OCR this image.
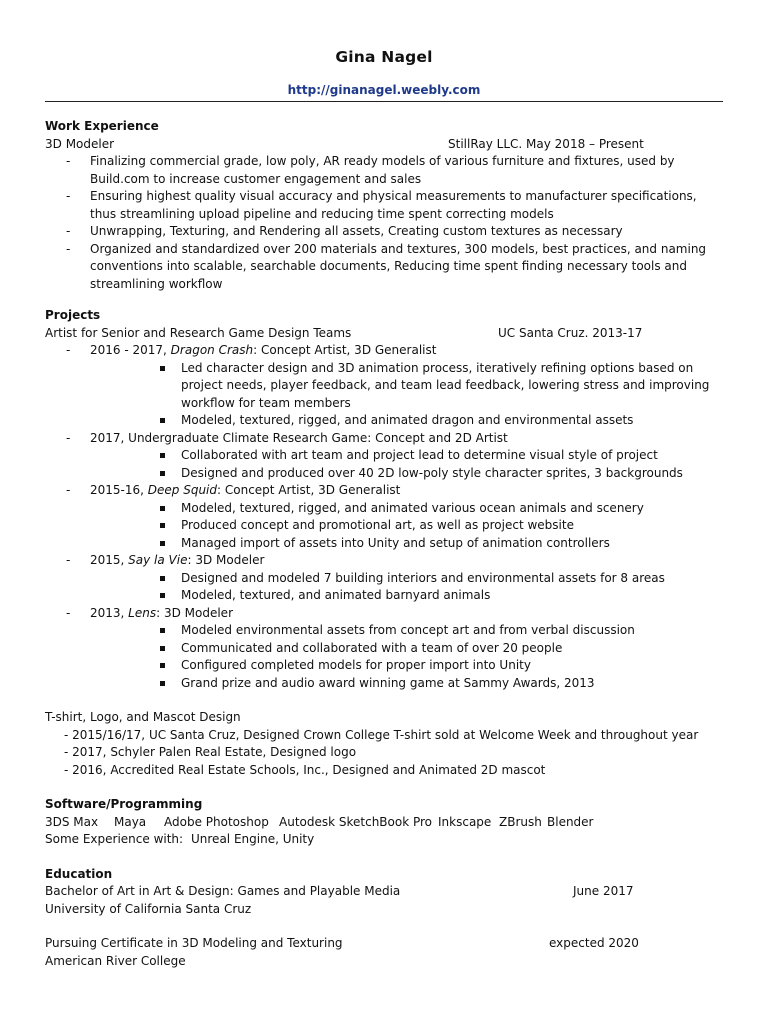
Gina Nagel
http://ginanagel.weebly.com
Work Experience
3D Modeler	StillRay LLC. May 2018 – Present
- Finalizing commercial grade, low poly, AR ready models of various furniture and fixtures, used by Build.com to increase customer engagement and sales
- Ensuring highest quality visual accuracy and physical measurements to manufacturer specifications, thus streamlining upload pipeline and reducing time spent correcting models
- Unwrapping, Texturing, and Rendering all assets, Creating custom textures as necessary
- Organized and standardized over 200 materials and textures, 300 models, best practices, and naming conventions into scalable, searchable documents, Reducing time spent finding necessary tools and streamlining workflow
Projects
Artist for Senior and Research Game Design Teams	UC Santa Cruz. 2013-17
- 2016 - 2017, Dragon Crash: Concept Artist, 3D Generalist
Led character design and 3D animation process, iteratively refining options based on project needs, player feedback, and team lead feedback, lowering stress and improving workflow for team members
Modeled, textured, rigged, and animated dragon and environmental assets
- 2017, Undergraduate Climate Research Game: Concept and 2D Artist
Collaborated with art team and project lead to determine visual style of project
Designed and produced over 40 2D low-poly style character sprites, 3 backgrounds
- 2015-16, Deep Squid: Concept Artist, 3D Generalist
Modeled, textured, rigged, and animated various ocean animals and scenery
Produced concept and promotional art, as well as project website
Managed import of assets into Unity and setup of animation controllers
- 2015, Say la Vie: 3D Modeler
Designed and modeled 7 building interiors and environmental assets for 8 areas
Modeled, textured, and animated barnyard animals
- 2013, Lens: 3D Modeler
Modeled environmental assets from concept art and from verbal discussion
Communicated and collaborated with a team of over 20 people
Configured completed models for proper import into Unity
Grand prize and audio award winning game at Sammy Awards, 2013
T-shirt, Logo, and Mascot Design
- 2015/16/17, UC Santa Cruz, Designed Crown College T-shirt sold at Welcome Week and throughout year
- 2017, Schyler Palen Real Estate, Designed logo
- 2016, Accredited Real Estate Schools, Inc., Designed and Animated 2D mascot
Software/Programming
3DS Max Maya Adobe Photoshop Autodesk SketchBook Pro Inkscape ZBrush Blender
Some Experience with: Unreal Engine, Unity
Education
Bachelor of Art in Art & Design: Games and Playable Media	June 2017
University of California Santa Cruz
Pursuing Certificate in 3D Modeling and Texturing	expected 2020
American River College
